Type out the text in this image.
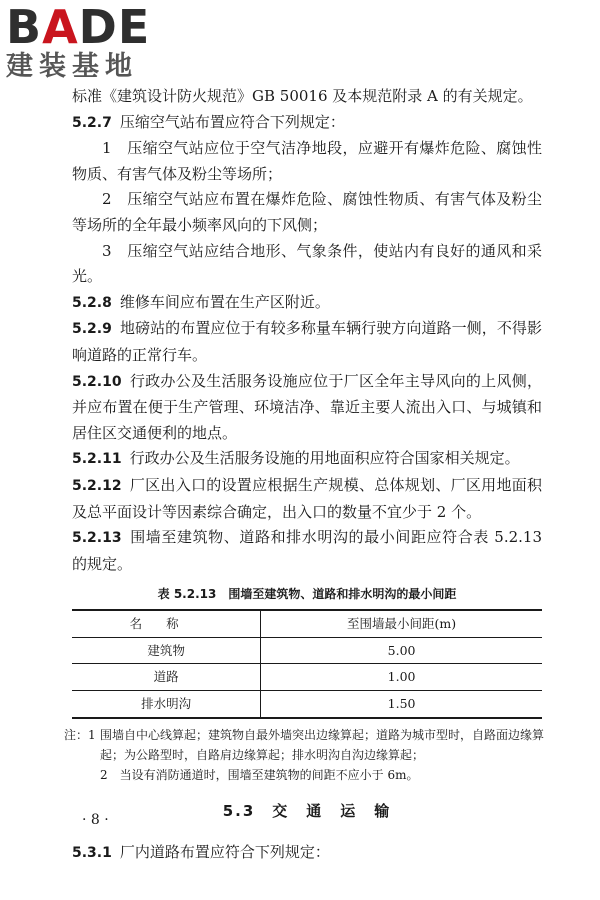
BADE
建装基地

标准《建筑设计防火规范》GB 50016 及本规范附录 A 的有关规定。

5.2.7 压缩空气站布置应符合下列规定：

1　压缩空气站应位于空气洁净地段，应避开有爆炸危险、腐蚀性物质、有害气体及粉尘等场所；

2　压缩空气站应布置在爆炸危险、腐蚀性物质、有害气体及粉尘等场所的全年最小频率风向的下风侧；

3　压缩空气站应结合地形、气象条件，使站内有良好的通风和采光。

5.2.8 维修车间应布置在生产区附近。

5.2.9 地磅站的布置应位于有较多称量车辆行驶方向道路一侧，不得影响道路的正常行车。

5.2.10 行政办公及生活服务设施应位于厂区全年主导风向的上风侧，并应布置在便于生产管理、环境洁净、靠近主要人流出入口、与城镇和居住区交通便利的地点。

5.2.11 行政办公及生活服务设施的用地面积应符合国家相关规定。

5.2.12 厂区出入口的设置应根据生产规模、总体规划、厂区用地面积及总平面设计等因素综合确定，出入口的数量不宜少于 2 个。

5.2.13 围墙至建筑物、道路和排水明沟的最小间距应符合表 5.2.13 的规定。

表 5.2.13　围墙至建筑物、道路和排水明沟的最小间距
名称	至围墙最小间距(m)
建筑物	5.00
道路	1.00
排水明沟	1.50
注：1 围墙自中心线算起；建筑物自最外墙突出边缘算起；道路为城市型时，自路面边缘算起；为公路型时，自路肩边缘算起；排水明沟自沟边缘算起；
2　当设有消防通道时，围墙至建筑物的间距不应小于 6m。
5.3　交　通　运　输

5.3.1 厂内道路布置应符合下列规定：

· 8 ·
